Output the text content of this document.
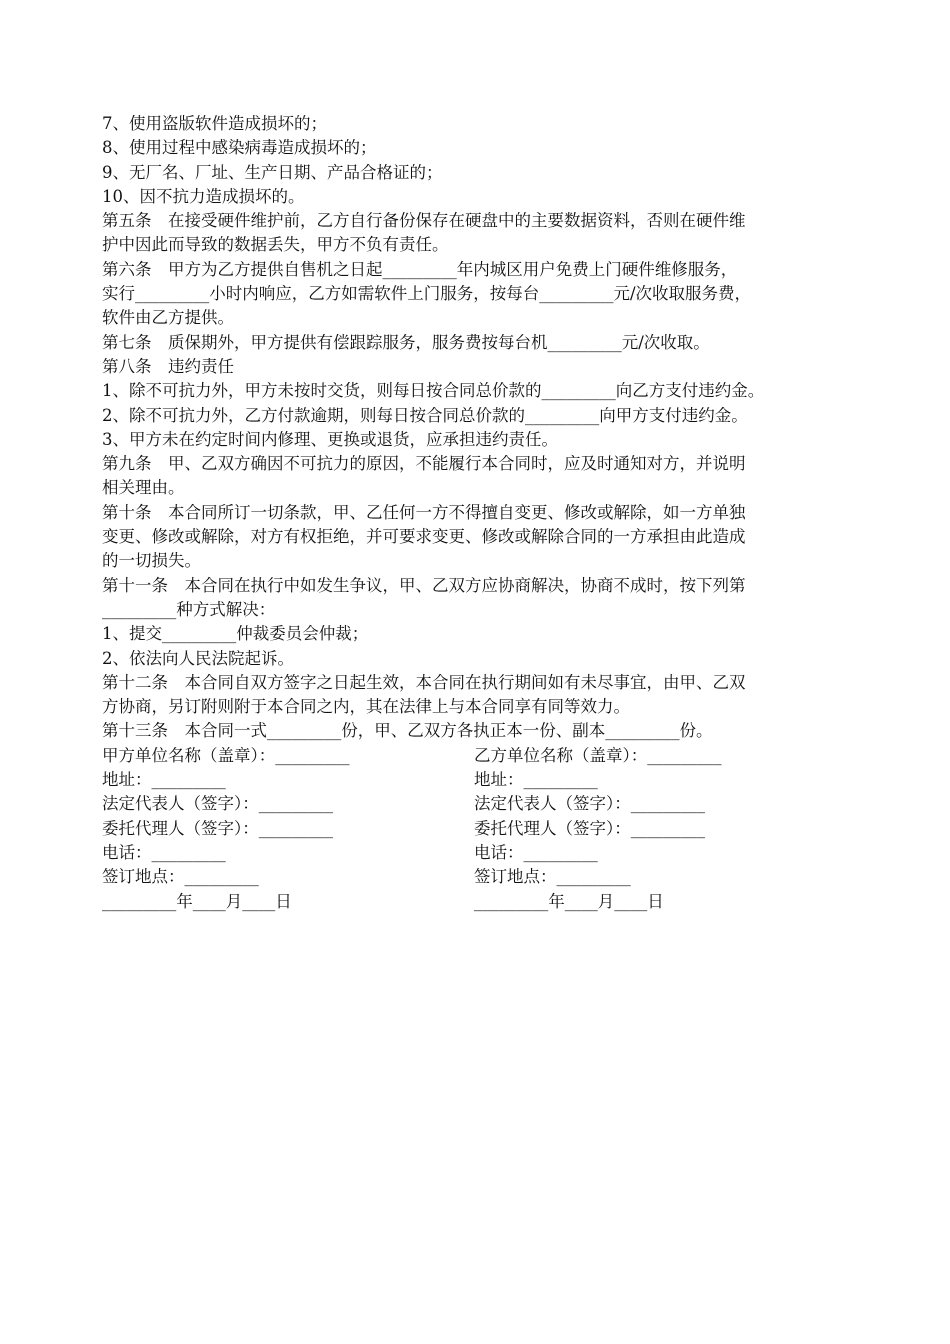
7、使用盗版软件造成损坏的；

8、使用过程中感染病毒造成损坏的；

9、无厂名、厂址、生产日期、产品合格证的；

10、因不抗力造成损坏的。

第五条　在接受硬件维护前，乙方自行备份保存在硬盘中的主要数据资料，否则在硬件维

护中因此而导致的数据丢失，甲方不负有责任。

第六条　甲方为乙方提供自售机之日起_________年内城区用户免费上门硬件维修服务，

实行_________小时内响应，乙方如需软件上门服务，按每台_________元/次收取服务费，

软件由乙方提供。

第七条　质保期外，甲方提供有偿跟踪服务，服务费按每台机_________元/次收取。

第八条　违约责任

1、除不可抗力外，甲方未按时交货，则每日按合同总价款的_________向乙方支付违约金。

2、除不可抗力外，乙方付款逾期，则每日按合同总价款的_________向甲方支付违约金。

3、甲方未在约定时间内修理、更换或退货，应承担违约责任。

第九条　甲、乙双方确因不可抗力的原因，不能履行本合同时，应及时通知对方，并说明

相关理由。

第十条　本合同所订一切条款，甲、乙任何一方不得擅自变更、修改或解除，如一方单独

变更、修改或解除，对方有权拒绝，并可要求变更、修改或解除合同的一方承担由此造成

的一切损失。

第十一条　本合同在执行中如发生争议，甲、乙双方应协商解决，协商不成时，按下列第

_________种方式解决：

1、提交_________仲裁委员会仲裁；

2、依法向人民法院起诉。

第十二条　本合同自双方签字之日起生效，本合同在执行期间如有未尽事宜，由甲、乙双

方协商，另订附则附于本合同之内，其在法律上与本合同享有同等效力。

第十三条　本合同一式_________份，甲、乙双方各执正本一份、副本_________份。

甲方单位名称（盖章）：_________	乙方单位名称（盖章）：_________
地址：_________	地址：_________
法定代表人（签字）：_________	法定代表人（签字）：_________
委托代理人（签字）：_________	委托代理人（签字）：_________
电话：_________	电话：_________
签订地点：_________	签订地点：_________
_________年____月____日	_________年____月____日
